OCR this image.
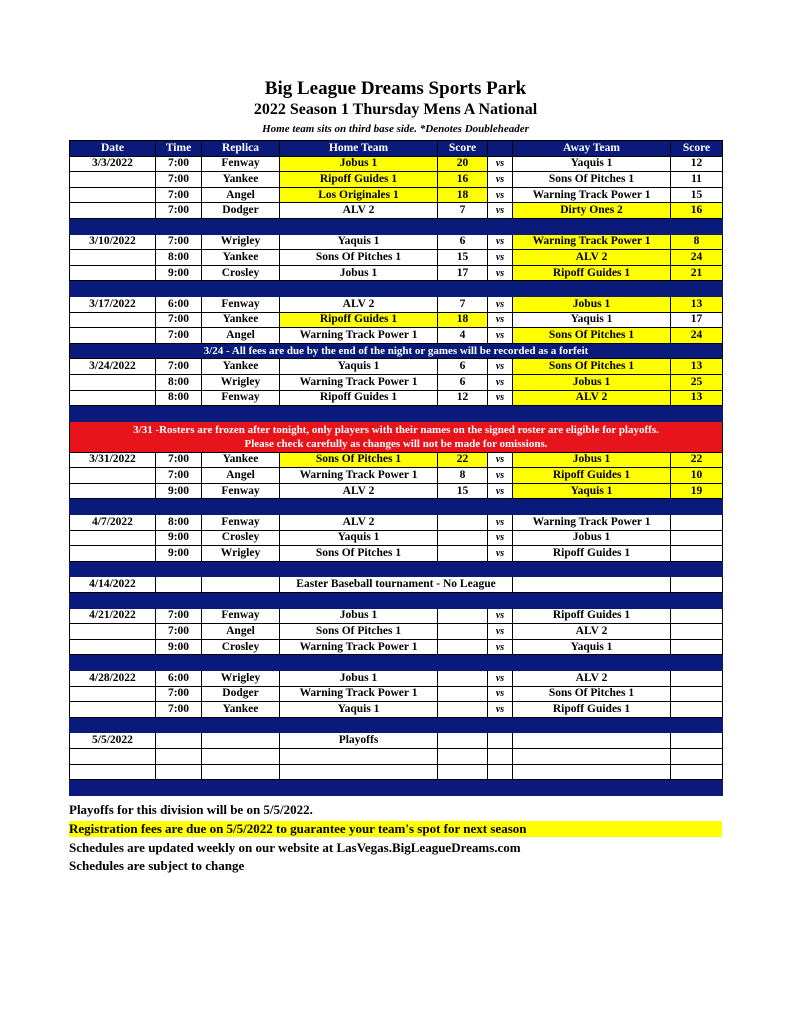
Big League Dreams Sports Park
2022 Season 1 Thursday Mens A National
Home team sits on third base side. *Denotes Doubleheader
Date	Time	Replica	Home Team	Score		Away Team	Score
3/3/2022	7:00	Fenway	Jobus 1	20	vs	Yaquis 1	12
	7:00	Yankee	Ripoff Guides 1	16	vs	Sons Of Pitches 1	11
	7:00	Angel	Los Originales 1	18	vs	Warning Track Power 1	15
	7:00	Dodger	ALV 2	7	vs	Dirty Ones 2	16

3/10/2022	7:00	Wrigley	Yaquis 1	6	vs	Warning Track Power 1	8
	8:00	Yankee	Sons Of Pitches 1	15	vs	ALV 2	24
	9:00	Crosley	Jobus 1	17	vs	Ripoff Guides 1	21

3/17/2022	6:00	Fenway	ALV 2	7	vs	Jobus 1	13
	7:00	Yankee	Ripoff Guides 1	18	vs	Yaquis 1	17
	7:00	Angel	Warning Track Power 1	4	vs	Sons Of Pitches 1	24
3/24 - All fees are due by the end of the night or games will be recorded as a forfeit							
3/24/2022	7:00	Yankee	Yaquis 1	6	vs	Sons Of Pitches 1	13
	8:00	Wrigley	Warning Track Power 1	6	vs	Jobus 1	25
	8:00	Fenway	Ripoff Guides 1	12	vs	ALV 2	13

3/31 -Rosters are frozen after tonight, only players with their names on the signed roster are eligible for playoffs.
Please check carefully as changes will not be made for omissions.							

3/31/2022	7:00	Yankee	Sons Of Pitches 1	22	vs	Jobus 1	22
	7:00	Angel	Warning Track Power 1	8	vs	Ripoff Guides 1	10
	9:00	Fenway	ALV 2	15	vs	Yaquis 1	19

4/7/2022	8:00	Fenway	ALV 2		vs	Warning Track Power 1	
	9:00	Crosley	Yaquis 1		vs	Jobus 1	
	9:00	Wrigley	Sons Of Pitches 1		vs	Ripoff Guides 1	

4/14/2022			Easter Baseball tournament - No League				

4/21/2022	7:00	Fenway	Jobus 1		vs	Ripoff Guides 1	
	7:00	Angel	Sons Of Pitches 1		vs	ALV 2	
	9:00	Crosley	Warning Track Power 1		vs	Yaquis 1	

4/28/2022	6:00	Wrigley	Jobus 1		vs	ALV 2	
	7:00	Dodger	Warning Track Power 1		vs	Sons Of Pitches 1	
	7:00	Yankee	Yaquis 1		vs	Ripoff Guides 1	

5/5/2022			Playoffs				

Playoffs for this division will be on 5/5/2022.
Registration fees are due on 5/5/2022 to guarantee your team's spot for next season
Schedules are updated weekly on our website at LasVegas.BigLeagueDreams.com
Schedules are subject to change
